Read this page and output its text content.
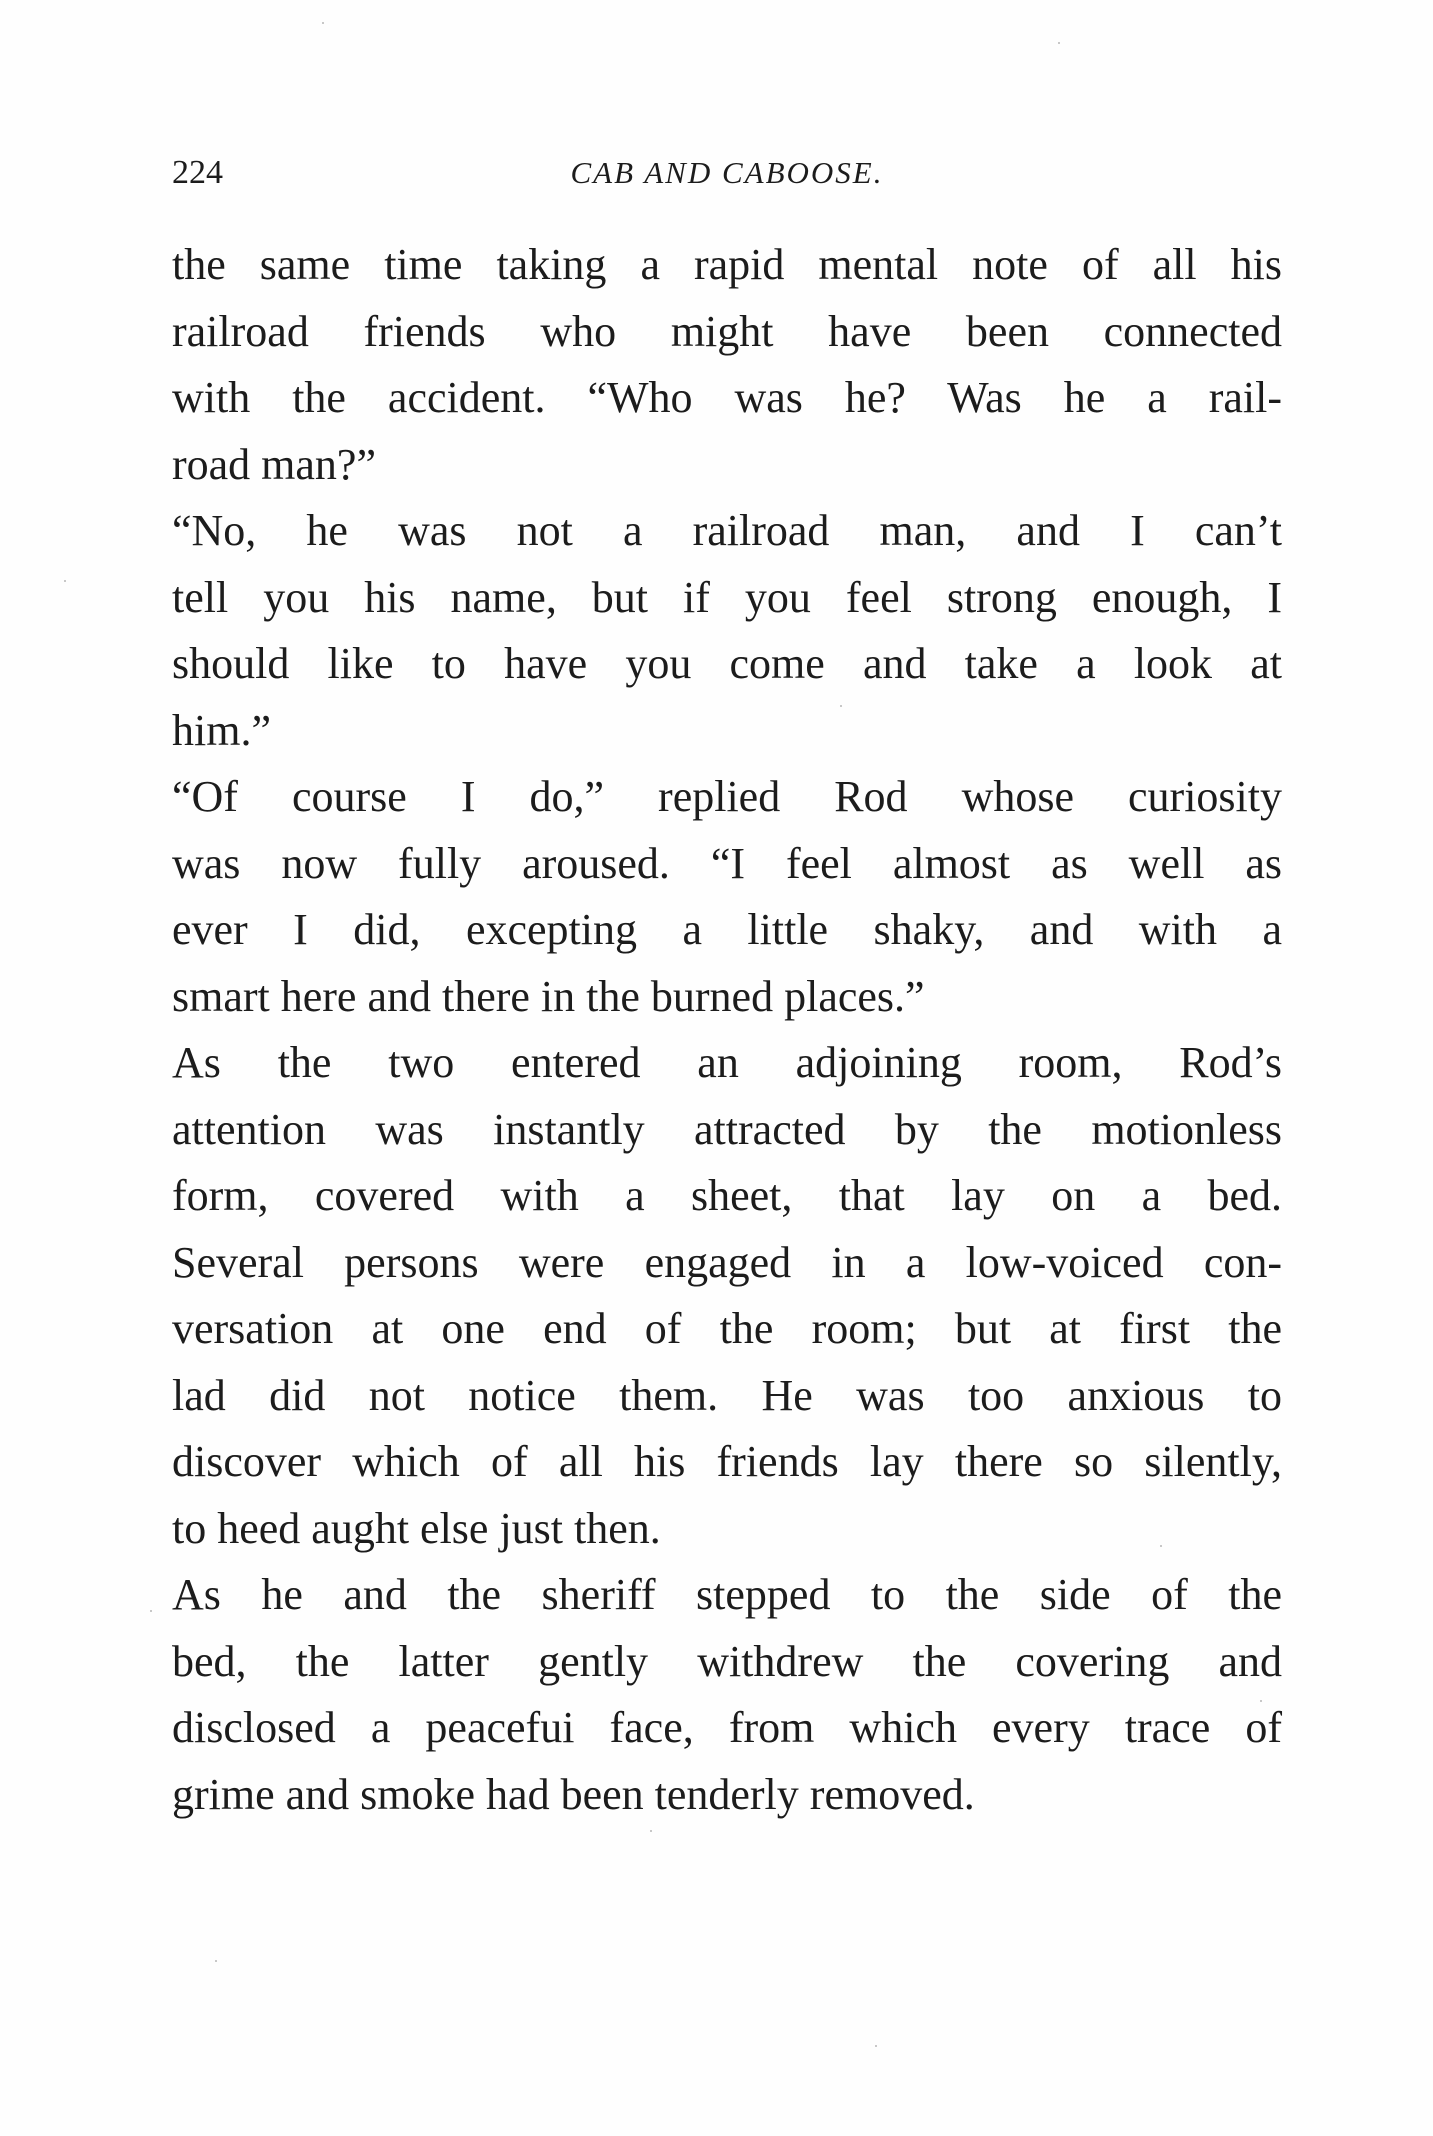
224	CAB AND CABOOSE.

the same time taking a rapid mental note of all his
railroad friends who might have been connected
with the accident. “Who was he? Was he a rail-
road man?”

“No, he was not a railroad man, and I can’t
tell you his name, but if you feel strong enough, I
should like to have you come and take a look at
him.”

“Of course I do,” replied Rod whose curiosity
was now fully aroused. “I feel almost as well as
ever I did, excepting a little shaky, and with a
smart here and there in the burned places.”

As the two entered an adjoining room, Rod’s
attention was instantly attracted by the motionless
form, covered with a sheet, that lay on a bed.
Several persons were engaged in a low-voiced con-
versation at one end of the room; but at first the
lad did not notice them. He was too anxious to
discover which of all his friends lay there so silently,
to heed aught else just then.

As he and the sheriff stepped to the side of the
bed, the latter gently withdrew the covering and
disclosed a peacefui face, from which every trace of
grime and smoke had been tenderly removed.
